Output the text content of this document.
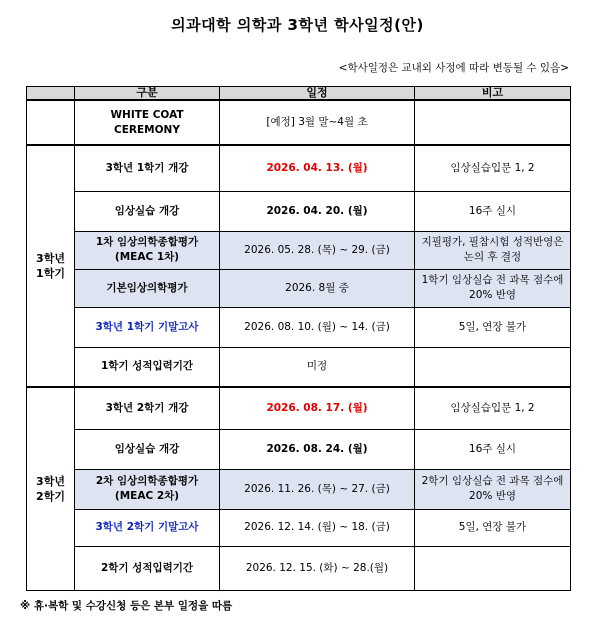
의과대학 의학과 3학년 학사일정(안)
<학사일정은 교내외 사정에 따라 변동될 수 있음>
	구분	일정	비고
	WHITE COAT CEREMONY	[예정] 3월 말~4월 초	
3학년
1학기	3학년 1학기 개강	2026. 04. 13. (월)	임상실습입문 1, 2
	임상실습 개강	2026. 04. 20. (월)	16주 실시
	1차 임상의학종합평가 (MEAC 1차)	2026. 05. 28. (목) ~ 29. (금)	지필평가, 필참시험 성적반영은 논의 후 결정
	기본임상의학평가	2026. 8월 중	1학기 임상실습 전 과목 점수에 20% 반영
	3학년 1학기 기말고사	2026. 08. 10. (월) ~ 14. (금)	5일, 연장 불가
	1학기 성적입력기간	미정	
3학년
2학기	3학년 2학기 개강	2026. 08. 17. (월)	임상실습입문 1, 2
	임상실습 개강	2026. 08. 24. (월)	16주 실시
	2차 임상의학종합평가 (MEAC 2차)	2026. 11. 26. (목) ~ 27. (금)	2학기 임상실습 전 과목 점수에 20% 반영
	3학년 2학기 기말고사	2026. 12. 14. (월) ~ 18. (금)	5일, 연장 불가
	2학기 성적입력기간	2026. 12. 15. (화) ~ 28.(월)	
※ 휴·복학 및 수강신청 등은 본부 일정을 따름
